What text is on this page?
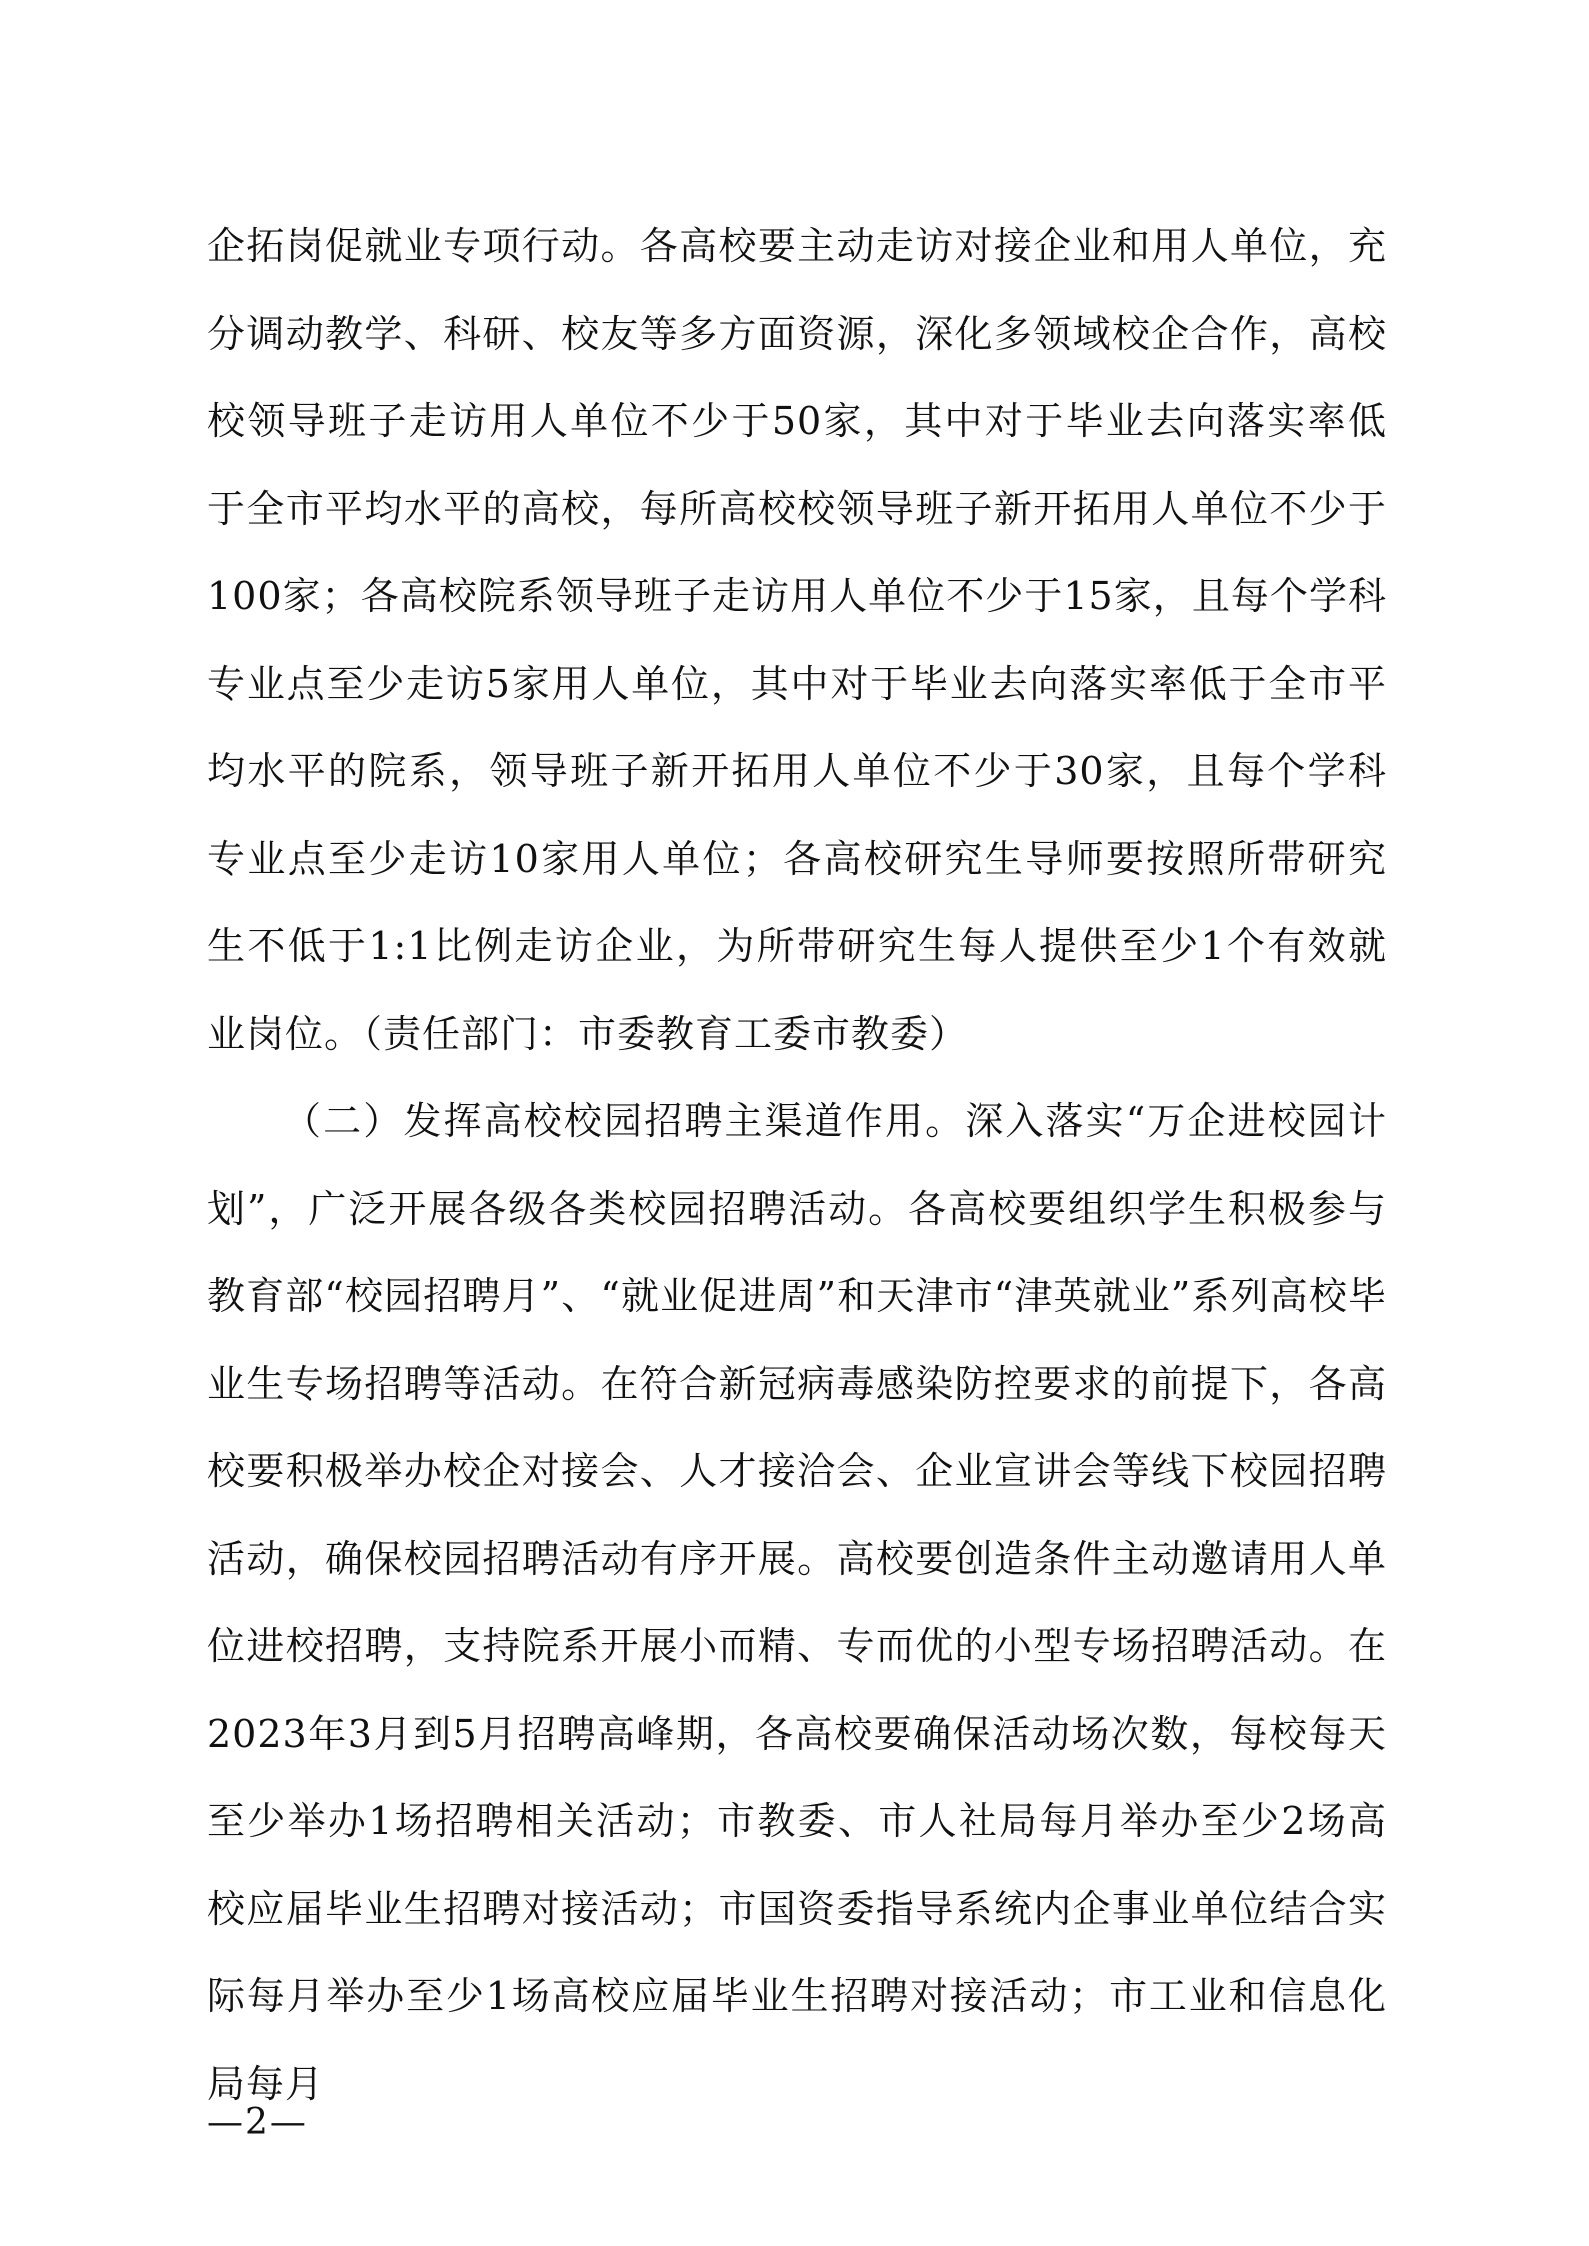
企拓岗促就业专项行动。各高校要主动走访对接企业和用人单位，充分调动教学、科研、校友等多方面资源，深化多领域校企合作，高校校领导班子走访用人单位不少于50家，其中对于毕业去向落实率低于全市平均水平的高校，每所高校校领导班子新开拓用人单位不少于100家；各高校院系领导班子走访用人单位不少于15家，且每个学科专业点至少走访5家用人单位，其中对于毕业去向落实率低于全市平均水平的院系，领导班子新开拓用人单位不少于30家，且每个学科专业点至少走访10家用人单位；各高校研究生导师要按照所带研究生不低于1:1比例走访企业，为所带研究生每人提供至少1个有效就业岗位。（责任部门：市委教育工委市教委）
（二）发挥高校校园招聘主渠道作用。深入落实“万企进校园计划”，广泛开展各级各类校园招聘活动。各高校要组织学生积极参与教育部“校园招聘月”、“就业促进周”和天津市“津英就业”系列高校毕业生专场招聘等活动。在符合新冠病毒感染防控要求的前提下，各高校要积极举办校企对接会、人才接洽会、企业宣讲会等线下校园招聘活动，确保校园招聘活动有序开展。高校要创造条件主动邀请用人单位进校招聘，支持院系开展小而精、专而优的小型专场招聘活动。在2023年3月到5月招聘高峰期，各高校要确保活动场次数，每校每天至少举办1场招聘相关活动；市教委、市人社局每月举办至少2场高校应届毕业生招聘对接活动；市国资委指导系统内企事业单位结合实际每月举办至少1场高校应届毕业生招聘对接活动；市工业和信息化局每月
—2—
